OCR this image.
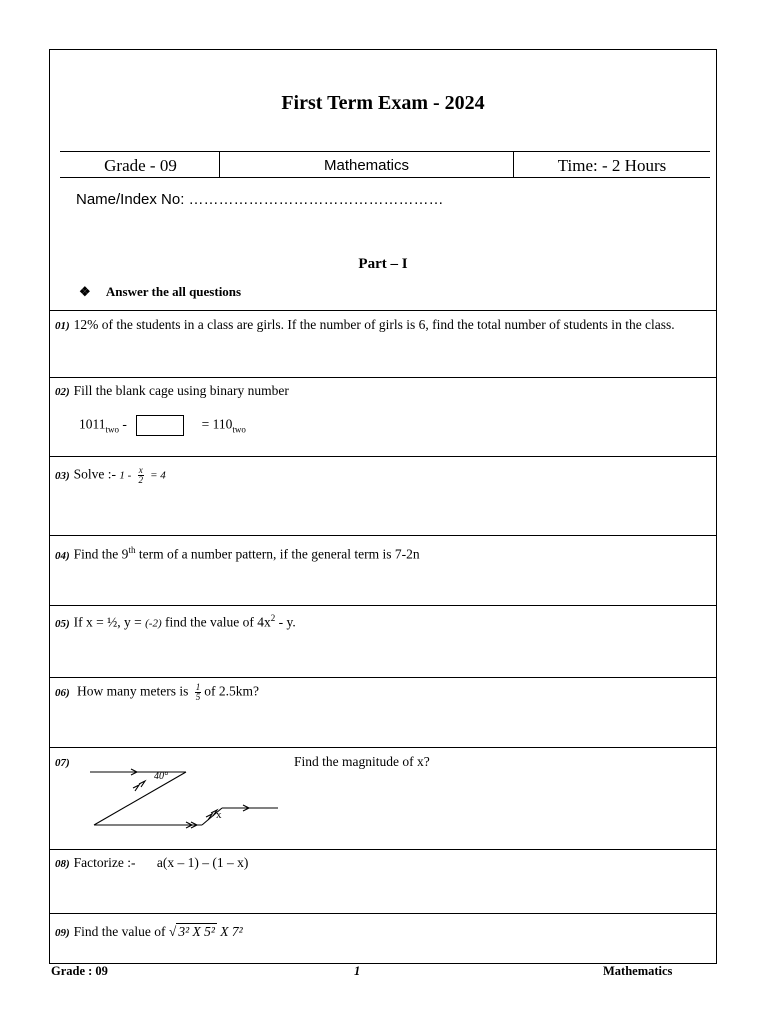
First Term Exam - 2024
Grade - 09	Mathematics	Time: - 2 Hours
Name/Index No: ……………………………………………
Part – I
❖ Answer the all questions
01) 12% of the students in a class are girls. If the number of girls is 6, find the total number of students in the class.
02) Fill the blank cage using binary number
$1011_{two}$ -	= $110_{two}$
03) Solve :- $1 - \frac{x}{2} = 4$
04) Find the 9th term of a number pattern, if the general term is 7-2n
05) If x = ½, y = (-2) find the value of $4x^2$ - y.
06) How many meters is $\frac{1}{5}$ of 2.5km?
07)	Find the magnitude of x?
40°
x
08) Factorize :- a(x – 1) – (1 – x)
09) Find the value of √ 3² X 5² X 7²
Grade : 09	1	Mathematics
